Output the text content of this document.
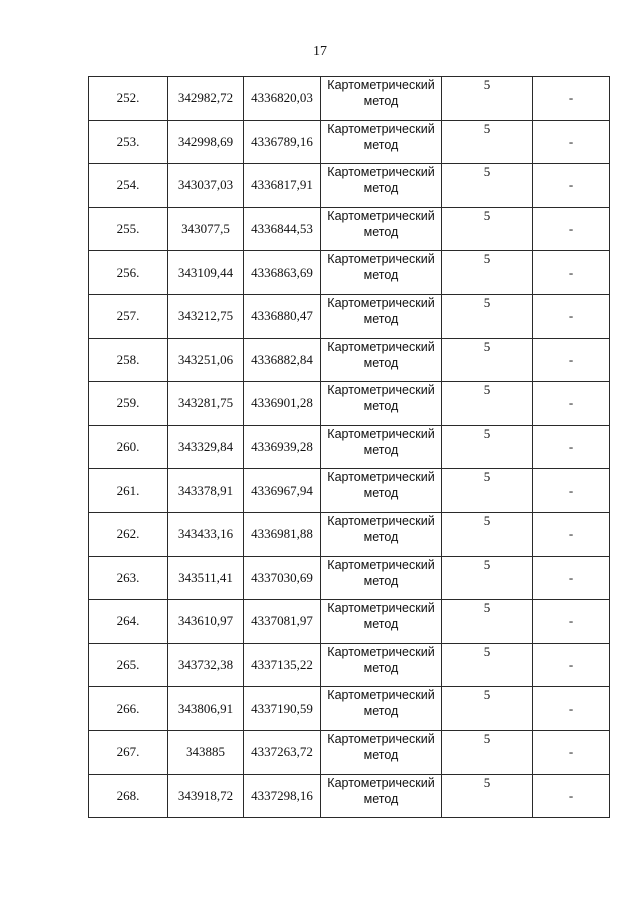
17
252.	342982,72	4336820,03	Картометрический
метод	5	-
253.	342998,69	4336789,16	Картометрический
метод	5	-
254.	343037,03	4336817,91	Картометрический
метод	5	-
255.	343077,5	4336844,53	Картометрический
метод	5	-
256.	343109,44	4336863,69	Картометрический
метод	5	-
257.	343212,75	4336880,47	Картометрический
метод	5	-
258.	343251,06	4336882,84	Картометрический
метод	5	-
259.	343281,75	4336901,28	Картометрический
метод	5	-
260.	343329,84	4336939,28	Картометрический
метод	5	-
261.	343378,91	4336967,94	Картометрический
метод	5	-
262.	343433,16	4336981,88	Картометрический
метод	5	-
263.	343511,41	4337030,69	Картометрический
метод	5	-
264.	343610,97	4337081,97	Картометрический
метод	5	-
265.	343732,38	4337135,22	Картометрический
метод	5	-
266.	343806,91	4337190,59	Картометрический
метод	5	-
267.	343885	4337263,72	Картометрический
метод	5	-
268.	343918,72	4337298,16	Картометрический
метод	5	-
